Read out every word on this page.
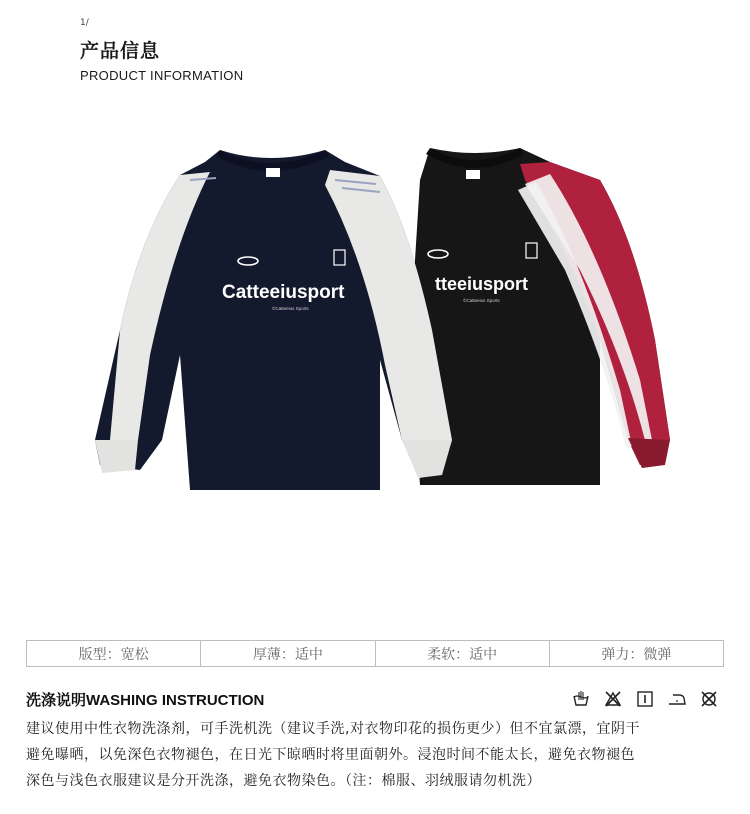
1/
产品信息
PRODUCT INFORMATION
tteeiusport
©Catteeius Sports
Catteeiusport
©Catteeius Sports
版型：宽松	厚薄：适中	柔软：适中	弹力：微弹
洗涤说明WASHING INSTRUCTION
建议使用中性衣物洗涤剂，可手洗机洗（建议手洗,对衣物印花的损伤更少）但不宜氯漂，宜阴干
避免曝晒，以免深色衣物褪色，在日光下晾晒时将里面朝外。浸泡时间不能太长，避免衣物褪色
深色与浅色衣服建议是分开洗涤，避免衣物染色。（注：棉服、羽绒服请勿机洗）
